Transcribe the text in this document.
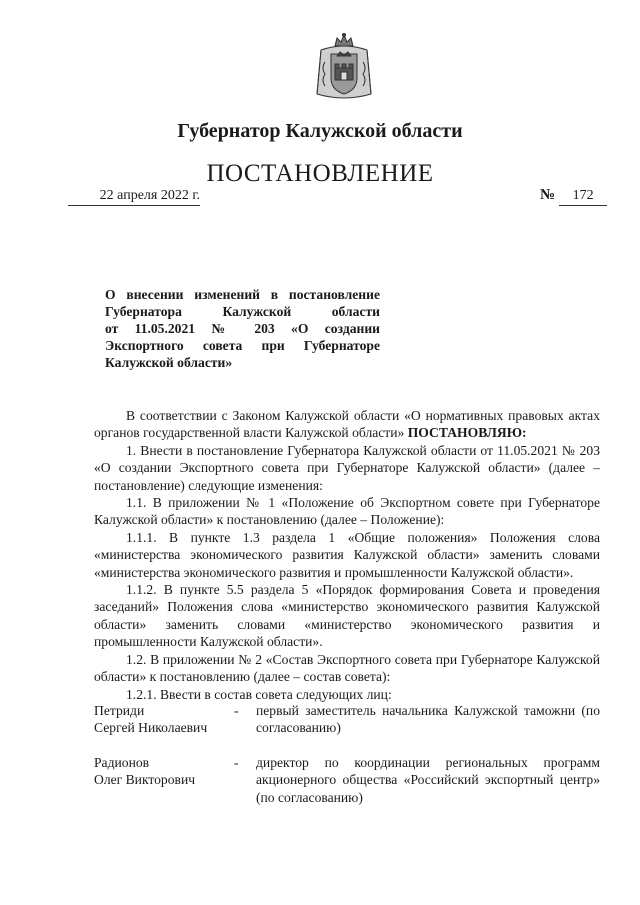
Губернатор Калужской области
ПОСТАНОВЛЕНИЕ
22 апреля 2022 г.	№ 172
О внесении изменений в постановление
Губернатора Калужской области
от 11.05.2021 № 203 «О создании
Экспортного совета при Губернаторе
Калужской области»

В соответствии с Законом Калужской области «О нормативных правовых актах органов государственной власти Калужской области» ПОСТАНОВЛЯЮ:

1. Внести в постановление Губернатора Калужской области от 11.05.2021 № 203 «О создании Экспортного совета при Губернаторе Калужской области» (далее – постановление) следующие изменения:

1.1. В приложении № 1 «Положение об Экспортном совете при Губернаторе Калужской области» к постановлению (далее – Положение):

1.1.1. В пункте 1.3 раздела 1 «Общие положения» Положения слова «министерства экономического развития Калужской области» заменить словами «министерства экономического развития и промышленности Калужской области».

1.1.2. В пункте 5.5 раздела 5 «Порядок формирования Совета и проведения заседаний» Положения слова «министерство экономического развития Калужской области» заменить словами «министерство экономического развития и промышленности Калужской области».

1.2. В приложении № 2 «Состав Экспортного совета при Губернаторе Калужской области» к постановлению (далее – состав совета):

1.2.1. Ввести в состав совета следующих лиц:

Петриди
Сергей Николаевич
-	первый заместитель начальника Калужской таможни (по согласованию)
Радионов
Олег Викторович
-	директор по координации региональных программ акционерного общества «Российский экспортный центр» (по согласованию)
